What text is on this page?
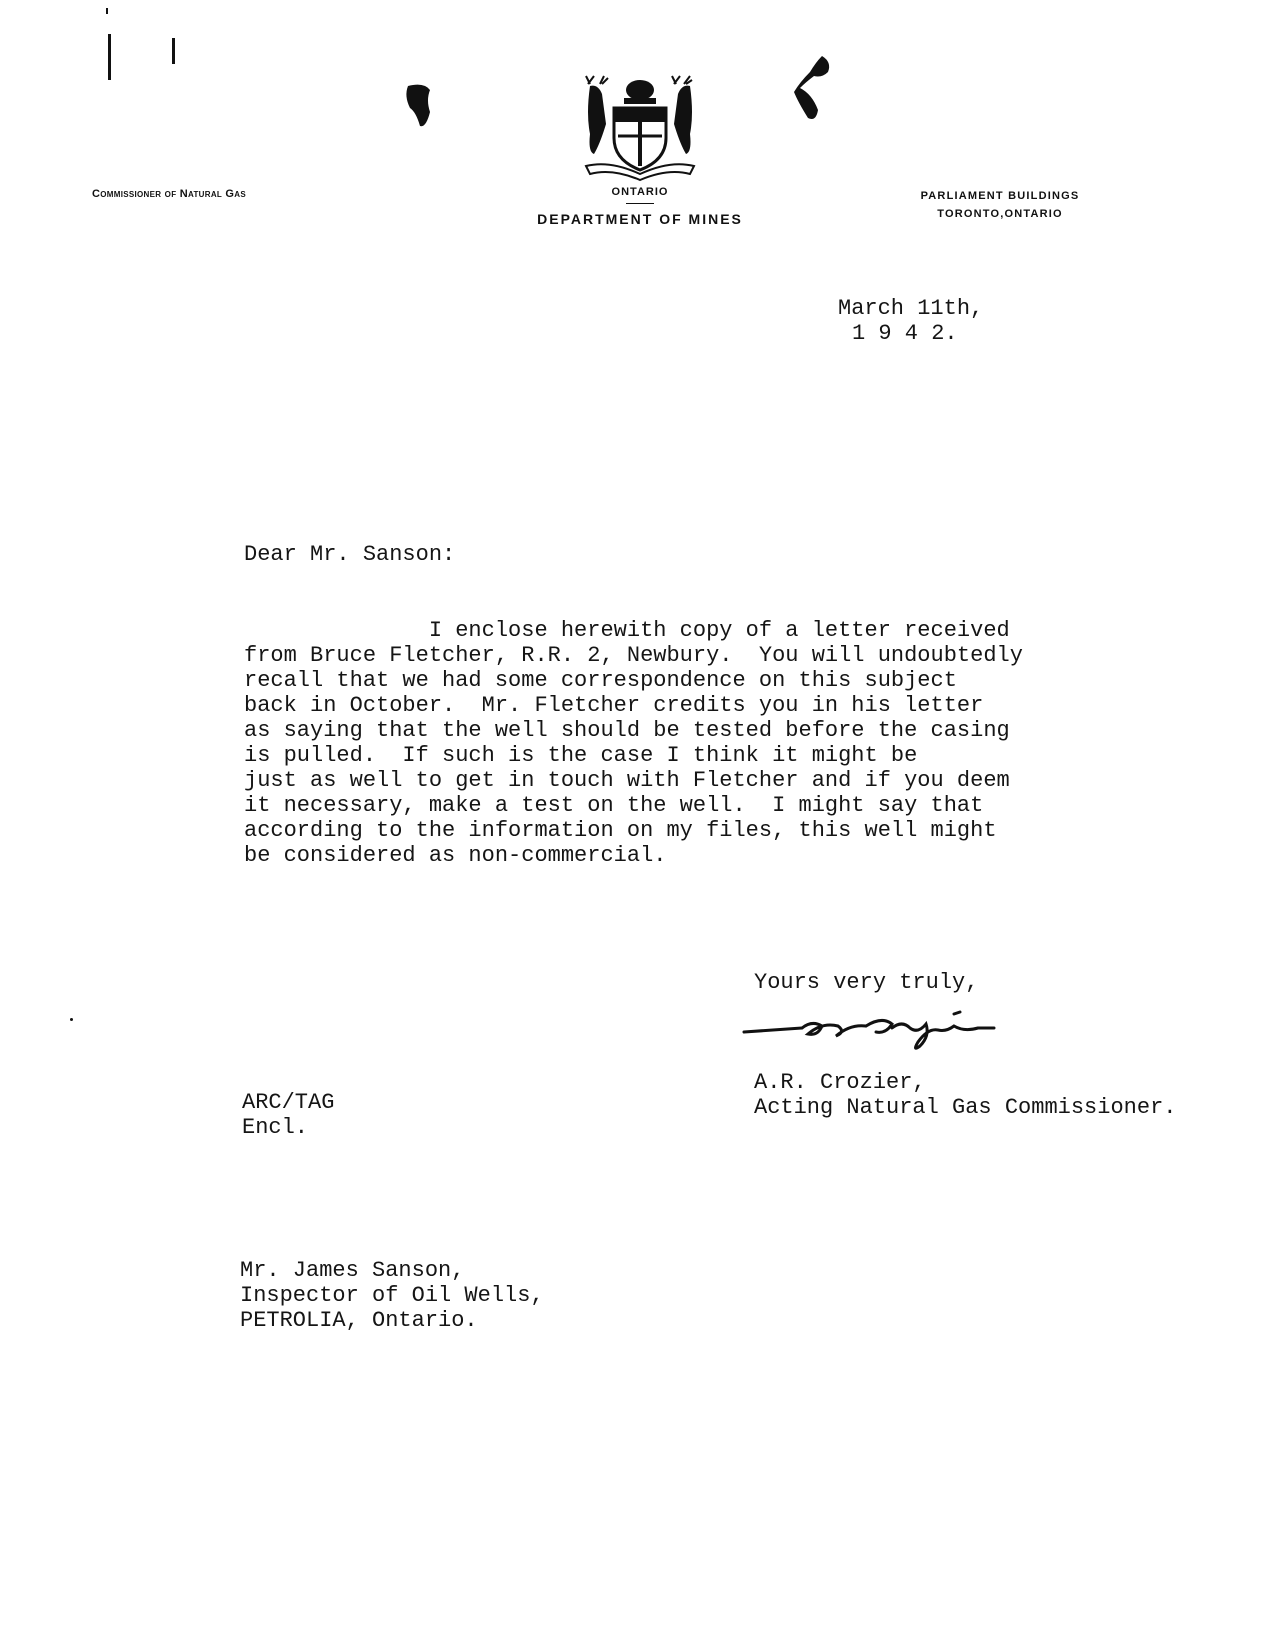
Commissioner of Natural Gas	ONTARIO
DEPARTMENT OF MINES
PARLIAMENT BUILDINGS
TORONTO,ONTARIO
March 11th,
1 9 4 2.
Dear Mr. Sanson:
I enclose herewith copy of a letter received
from Bruce Fletcher, R.R. 2, Newbury.  You will undoubtedly
recall that we had some correspondence on this subject
back in October.  Mr. Fletcher credits you in his letter
as saying that the well should be tested before the casing
is pulled.  If such is the case I think it might be
just as well to get in touch with Fletcher and if you deem
it necessary, make a test on the well.  I might say that
according to the information on my files, this well might
be considered as non-commercial.
Yours very truly,
A.R. Crozier,
Acting Natural Gas Commissioner.
ARC/TAG
Encl.
Mr. James Sanson,
Inspector of Oil Wells,
PETROLIA, Ontario.
